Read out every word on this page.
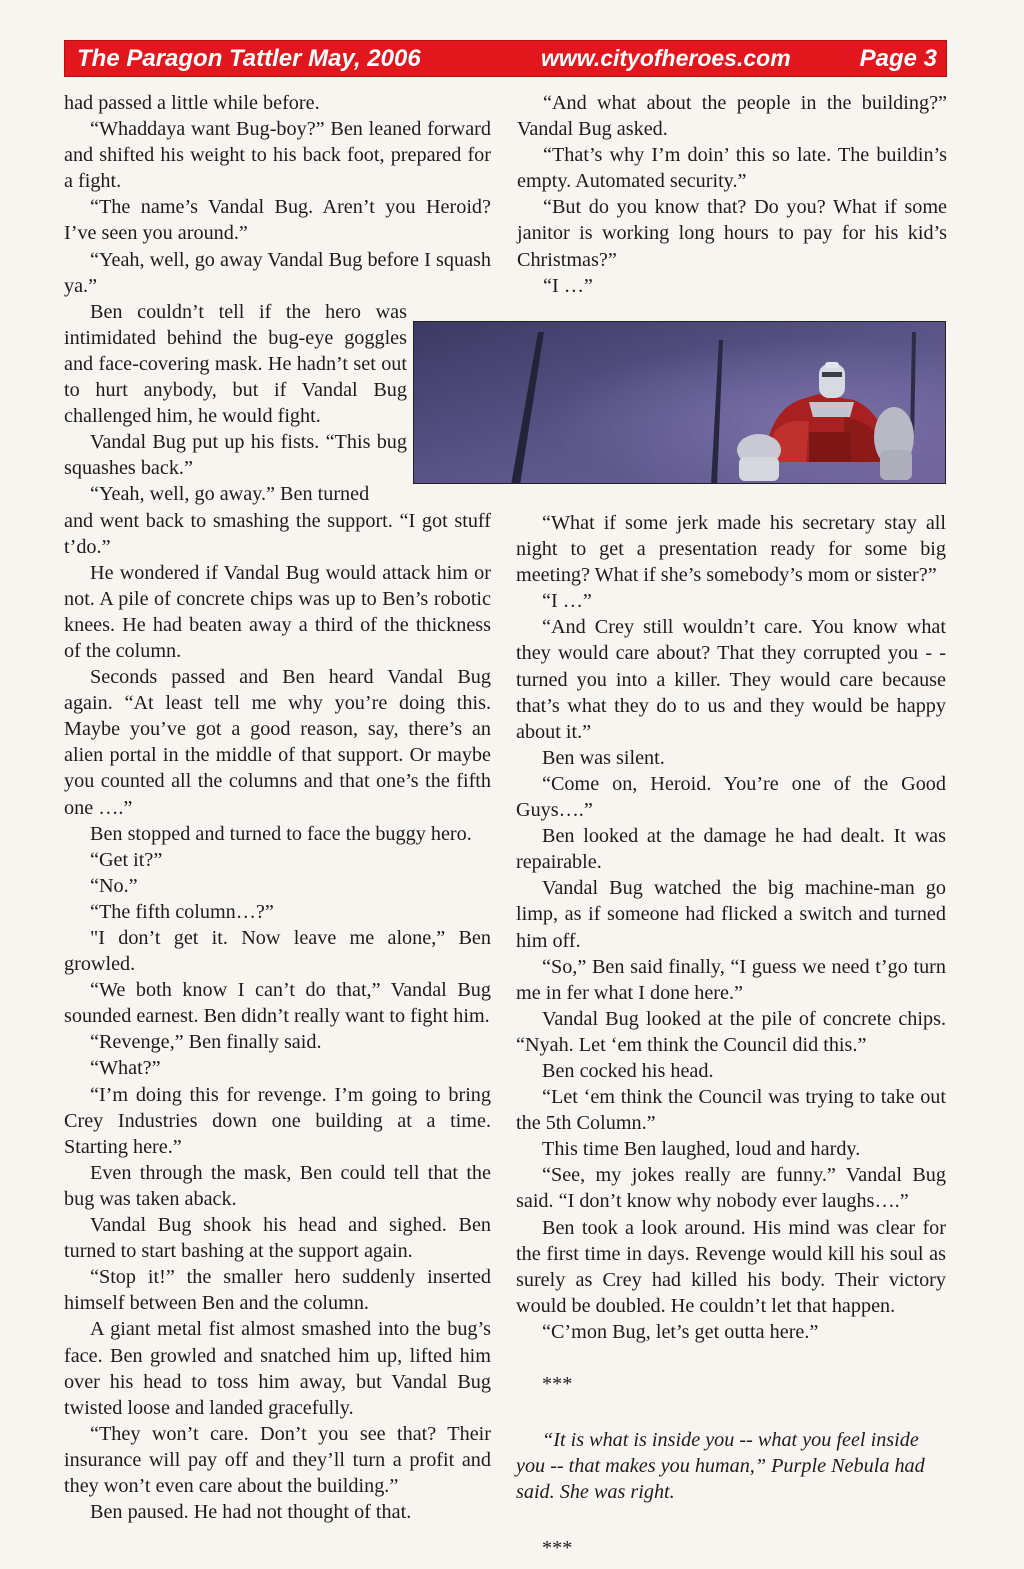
The Paragon Tattler May, 2006	www.cityofheroes.com	Page 3

had passed a little while before.

“Whaddaya want Bug-boy?” Ben leaned forward and shifted his weight to his back foot, prepared for a fight.

“The name’s Vandal Bug. Aren’t you Heroid? I’ve seen you around.”

“Yeah, well, go away Vandal Bug before I squash ya.”

Ben couldn’t tell if the hero was intimidated behind the bug-eye goggles and face-covering mask. He hadn’t set out to hurt anybody, but if Vandal Bug challenged him, he would fight.

Vandal Bug put up his fists. “This bug squashes back.”

“Yeah, well, go away.” Ben turned

and went back to smashing the support. “I got stuff t’do.”

He wondered if Vandal Bug would attack him or not. A pile of concrete chips was up to Ben’s robotic knees. He had beaten away a third of the thickness of the column.

Seconds passed and Ben heard Vandal Bug again. “At least tell me why you’re doing this. Maybe you’ve got a good reason, say, there’s an alien portal in the middle of that support. Or maybe you counted all the columns and that one’s the fifth one ….”

Ben stopped and turned to face the buggy hero.

“Get it?”

“No.”

“The fifth column…?”

"I don’t get it. Now leave me alone,” Ben growled.

“We both know I can’t do that,” Vandal Bug sounded earnest. Ben didn’t really want to fight him.

“Revenge,” Ben finally said.

“What?”

“I’m doing this for revenge. I’m going to bring Crey Industries down one building at a time. Starting here.”

Even through the mask, Ben could tell that the bug was taken aback.

Vandal Bug shook his head and sighed. Ben turned to start bashing at the support again.

“Stop it!” the smaller hero suddenly inserted himself between Ben and the column.

A giant metal fist almost smashed into the bug’s face. Ben growled and snatched him up, lifted him over his head to toss him away, but Vandal Bug twisted loose and landed gracefully.

“They won’t care. Don’t you see that? Their insurance will pay off and they’ll turn a profit and they won’t even care about the building.”

Ben paused. He had not thought of that.

“And what about the people in the building?” Vandal Bug asked.

“That’s why I’m doin’ this so late. The buildin’s empty. Automated security.”

“But do you know that? Do you? What if some janitor is working long hours to pay for his kid’s Christmas?”

“I …”

“What if some jerk made his secretary stay all night to get a presentation ready for some big meeting? What if she’s somebody’s mom or sister?”

“I …”

“And Crey still wouldn’t care. You know what they would care about? That they corrupted you - - turned you into a killer. They would care because that’s what they do to us and they would be happy about it.”

Ben was silent.

“Come on, Heroid. You’re one of the Good Guys….”

Ben looked at the damage he had dealt. It was repairable.

Vandal Bug watched the big machine-man go limp, as if someone had flicked a switch and turned him off.

“So,” Ben said finally, “I guess we need t’go turn me in fer what I done here.”

Vandal Bug looked at the pile of concrete chips. “Nyah. Let ‘em think the Council did this.”

Ben cocked his head.

“Let ‘em think the Council was trying to take out the 5th Column.”

This time Ben laughed, loud and hardy.

“See, my jokes really are funny.” Vandal Bug said. “I don’t know why nobody ever laughs….”

Ben took a look around. His mind was clear for the first time in days. Revenge would kill his soul as surely as Crey had killed his body. Their victory would be doubled. He couldn’t let that happen.

“C’mon Bug, let’s get outta here.”

***

“It is what is inside you -- what you feel inside you -- that makes you human,” Purple Nebula had said. She was right.

***
